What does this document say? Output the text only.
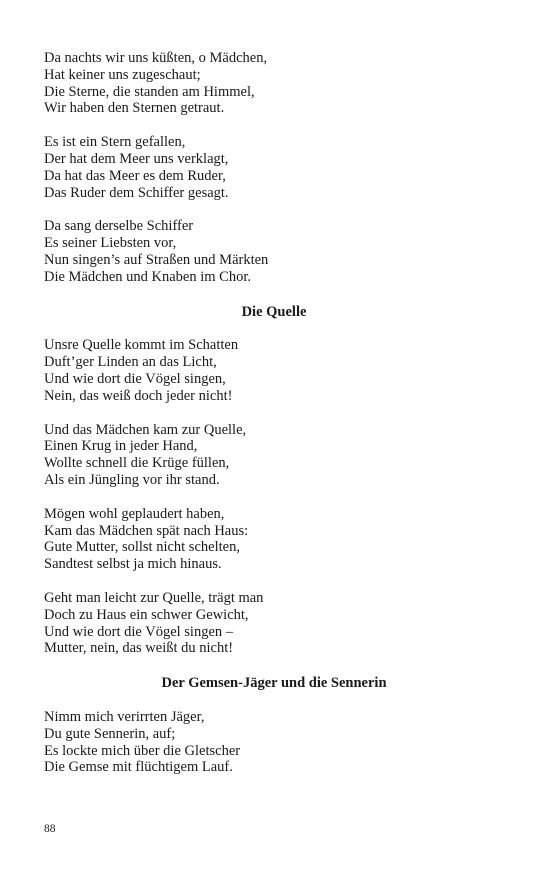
Da nachts wir uns küßten, o Mädchen,
Hat keiner uns zugeschaut;
Die Sterne, die standen am Himmel,
Wir haben den Sternen getraut.
Es ist ein Stern gefallen,
Der hat dem Meer uns verklagt,
Da hat das Meer es dem Ruder,
Das Ruder dem Schiffer gesagt.
Da sang derselbe Schiffer
Es seiner Liebsten vor,
Nun singen’s auf Straßen und Märkten
Die Mädchen und Knaben im Chor.
Die Quelle
Unsre Quelle kommt im Schatten
Duft’ger Linden an das Licht,
Und wie dort die Vögel singen,
Nein, das weiß doch jeder nicht!
Und das Mädchen kam zur Quelle,
Einen Krug in jeder Hand,
Wollte schnell die Krüge füllen,
Als ein Jüngling vor ihr stand.
Mögen wohl geplaudert haben,
Kam das Mädchen spät nach Haus:
Gute Mutter, sollst nicht schelten,
Sandtest selbst ja mich hinaus.
Geht man leicht zur Quelle, trägt man
Doch zu Haus ein schwer Gewicht,
Und wie dort die Vögel singen –
Mutter, nein, das weißt du nicht!
Der Gemsen-Jäger und die Sennerin
Nimm mich verirrten Jäger,
Du gute Sennerin, auf;
Es lockte mich über die Gletscher
Die Gemse mit flüchtigem Lauf.
88
